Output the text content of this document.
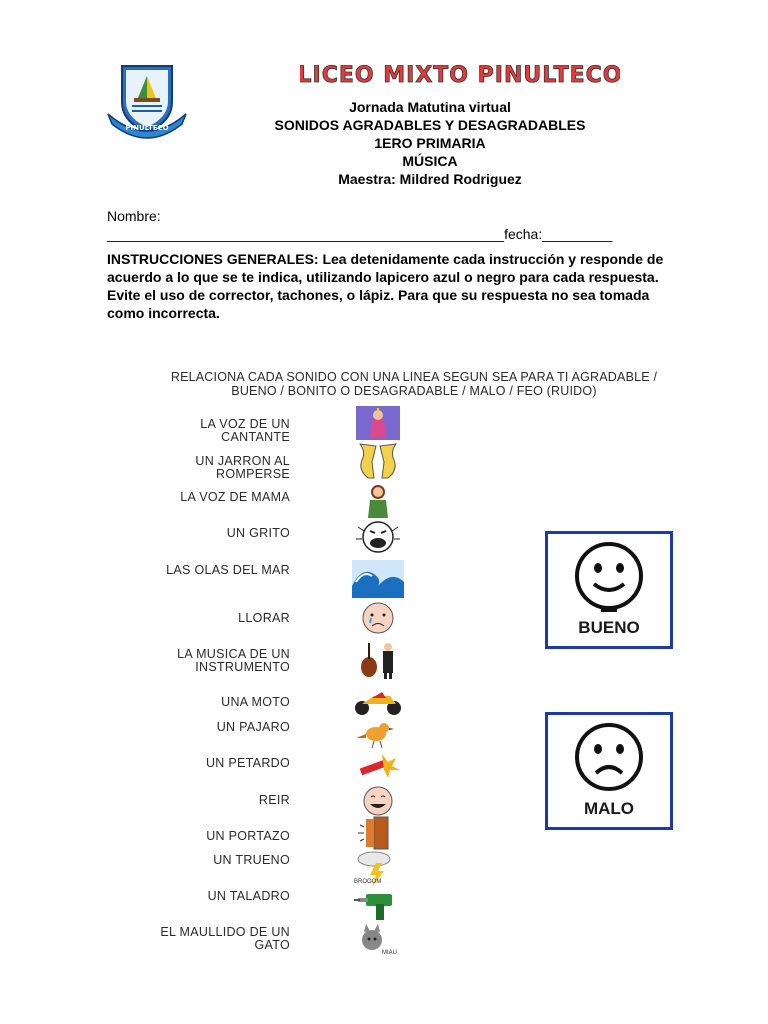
PINULTECO
LICEO MIXTO PINULTECO
Jornada Matutina virtual
SONIDOS AGRADABLES Y DESAGRADABLES
1ERO PRIMARIA
MÚSICA
Maestra: Mildred Rodriguez
Nombre:
___________________________________________________fecha:_________
INSTRUCCIONES GENERALES: Lea detenidamente cada instrucción y responde de acuerdo a lo que se te indica, utilizando lapicero azul o negro para cada respuesta. Evite el uso de corrector, tachones, o lápiz. Para que su respuesta no sea tomada como incorrecta.
RELACIONA CADA SONIDO CON UNA LINEA SEGUN SEA PARA TI AGRADABLE /
BUENO / BONITO O DESAGRADABLE / MALO / FEO (RUIDO)
LA VOZ DE UN
CANTANTE
UN JARRON AL
ROMPERSE
LA VOZ DE MAMA
UN GRITO
LAS OLAS DEL MAR
LLORAR
LA MUSICA DE UN
INSTRUMENTO
UNA MOTO
UN PAJARO
UN PETARDO
REIR
UN PORTAZO
UN TRUENO
UN TALADRO
EL MAULLIDO DE UN
GATO
BROOOM
MIAU
BUENO
MALO
